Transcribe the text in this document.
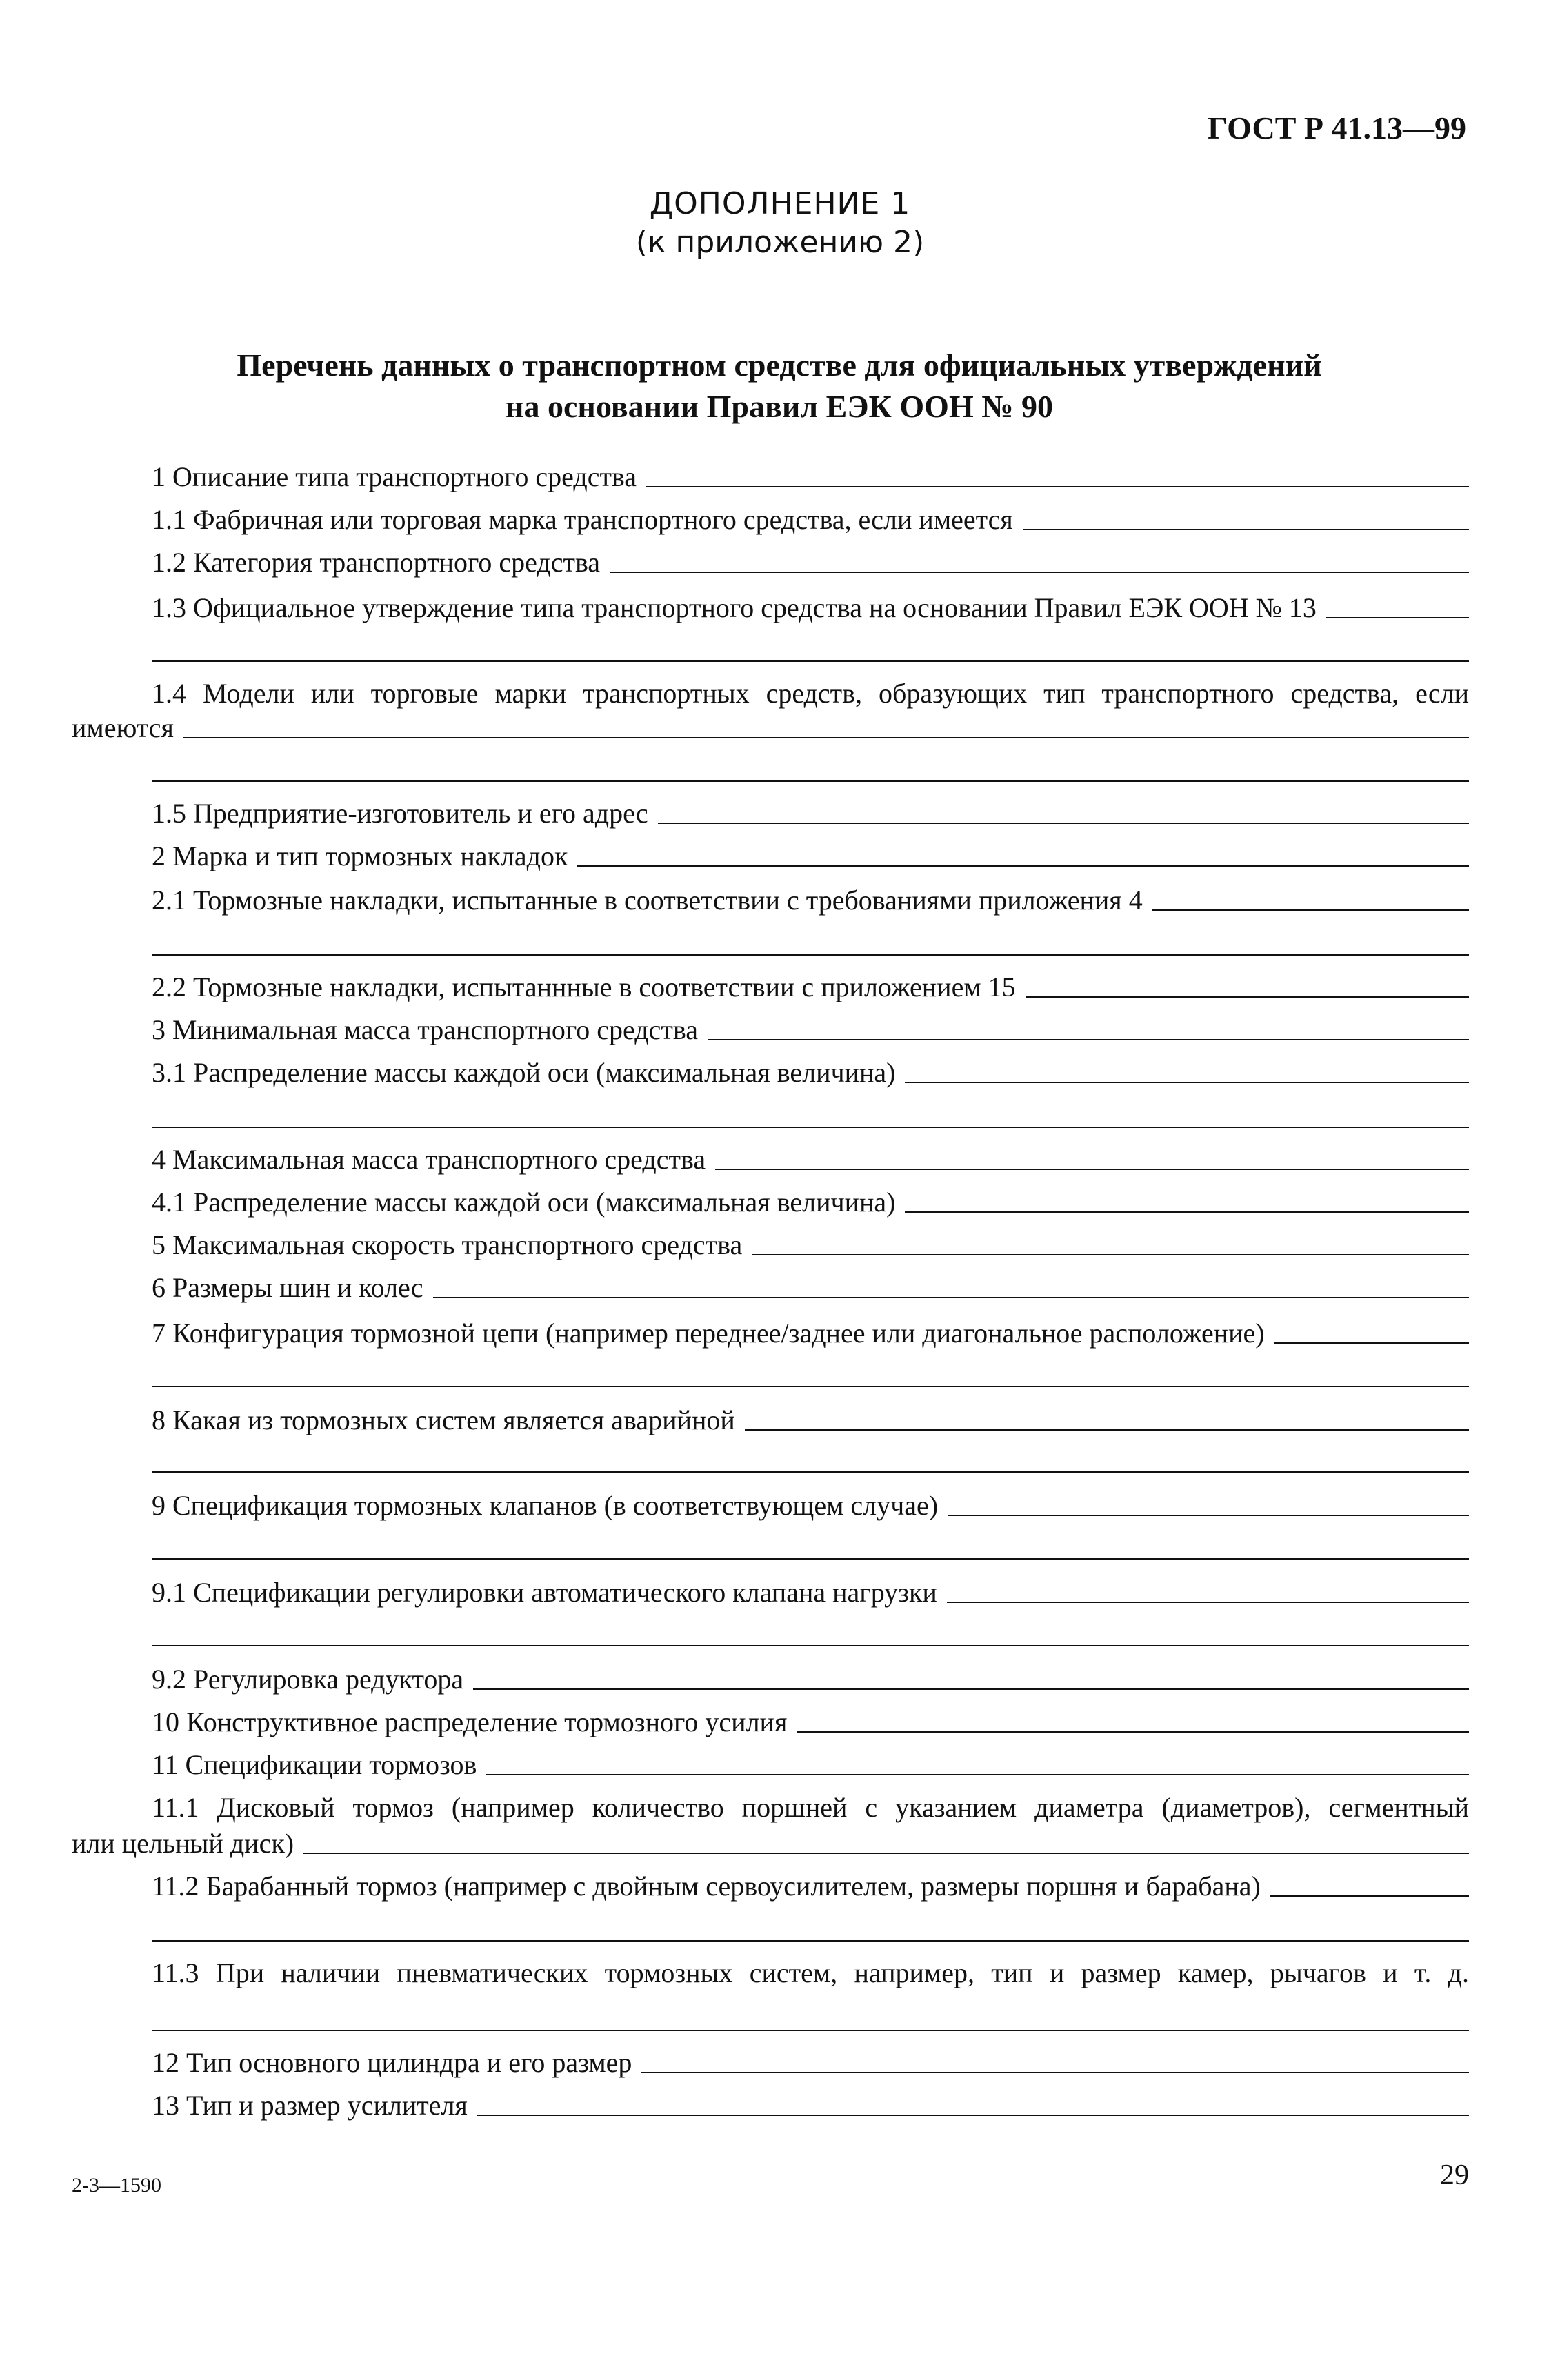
ГОСТ Р 41.13—99
ДОПОЛНЕНИЕ 1
(к приложению 2)
Перечень данных о транспортном средстве для официальных утверждений
на основании Правил ЕЭК ООН № 90
1 Описание типа транспортного средства
1.1 Фабричная или торговая марка транспортного средства, если имеется
1.2 Категория транспортного средства
1.3 Официальное утверждение типа транспортного средства на основании Правил ЕЭК ООН № 13
1.4 Модели или торговые марки транспортных средств, образующих тип транспортного средства, если
имеются
1.5 Предприятие-изготовитель и его адрес
2 Марка и тип тормозных накладок
2.1 Тормозные накладки, испытанные в соответствии с требованиями приложения 4
2.2 Тормозные накладки, испытаннные в соответствии с приложением 15
3 Минимальная масса транспортного средства
3.1 Распределение массы каждой оси (максимальная величина)
4 Максимальная масса транспортного средства
4.1 Распределение массы каждой оси (максимальная величина)
5 Максимальная скорость транспортного средства
6 Размеры шин и колес
7 Конфигурация тормозной цепи (например переднее/заднее или диагональное расположение)
8 Какая из тормозных систем является аварийной
9 Спецификация тормозных клапанов (в соответствующем случае)
9.1 Спецификации регулировки автоматического клапана нагрузки
9.2 Регулировка редуктора
10 Конструктивное распределение тормозного усилия
11 Спецификации тормозов
11.1 Дисковый тормоз (например количество поршней с указанием диаметра (диаметров), сегментный
или цельный диск)
11.2 Барабанный тормоз (например с двойным сервоусилителем, размеры поршня и барабана)
11.3 При наличии пневматических тормозных систем, например, тип и размер камер, рычагов и т. д.
12 Тип основного цилиндра и его размер
13 Тип и размер усилителя
2-3—1590	29
